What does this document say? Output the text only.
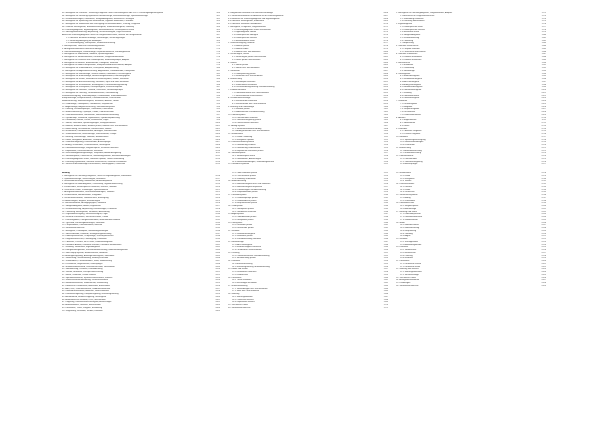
03. Messgerät für Drehzahl - Fahrzeug-Diagnose-Tester und Messgerät VAS 5051 / Fahrzeugdiagnosesystem	960
04. Messgerät für Fahrzeug-Systemtest Neufahrzeuge, Elektrowerkzeuge, Spezialwerkzeuge	961
05. Grundeinstellungen, Kalibrieren, Stellglieddiagnose, Elektrische Prüfungen	962
06. Messgerät für Spannung und Stromstärke, Digitales Multimeter, Prüfkabel	963
07. Messgerät für Widerstand und Durchgang mit Messwertblock, Prüfung, Diagnose	963
08. Zentrale Steuergeräte, Bordnetzsteuergerät, Komfortsteuergerät, Gateway	964
09. Fahrzeugdiagnose, Eigendiagnose, Messwertblöcke, Fehlerspeicher lesen	965
10. Steuergerätecodierung, Anpassung, Sicherheitszugriff, Login-Verfahren	966
Anschluss Fahrzeugdiagnose-Tester an Diagnoseanschluss, Stecker im Fahrgastraum	967
1.1 Übersicht Elektrische Anlage, Relaisträger, Sicherungsträger	968
1.2 Sicherungsbelegung ab Modelljahr	969
1.3 Relaisbelegung, Steckplätze, Farbkennzeichnung	970
2. Massepunkte, Übersicht Verbindungsstellen	972
3. Anzugsdrehmomente Elektrische Anlage	973
4. Steckverbindungen, Kabelstränge, Reparaturhinweise, Kontaktgehäuse	974
5. Messgerät für Widerstand, Isolation, Spannungsabfall	975
6. Messgerät für Stromaufnahme, Ruhestrom, Zangenstrommesser	976
7. Messgerät für Drehzahl und Zündzeitpunkt, Stroboskoplampe, Adapter	977
8. Messgerät für Batterie, Batterietester, Ladegerät, Starthilfe	978
9. Messgerät für Motor-Kompression, Kompressionsdruckschreiber, Adapter	979
10. Messgerät für Kraftstoffdruck, Druckprüfer, Adapterleitung	980
11. Messgerät für Abgasuntersuchung, Abgastester, Lambdasonde, Katalysator	981
12. Messgerät für Klimaanlage, Service-Station, Kältemittel, Lecksuchgerät	982
13. Messgerät für Bremsanlage, Bremsflüssigkeitstester, Entlüftungsgerät	983
14. Messgerät für Reifen, Reifendruck-Kontrollsystem, Ventile, Sensoren	984
15. Messgerät für Achsvermessung, Fahrwerk, Spur und Sturz einstellen	985
16. Messgerät für Scheinwerfer, Einstellgerät, Leuchtweitenregulierung	986
17. Messgerät für Kühlsystem, Kühlerprüfgerät, Frostschutzprüfer	987
18. Messgerät für Getriebe, Ölstand, Ölwechsel, Getriebeölpumpe	988
19. Messgerät für Lenkung, Lenkwinkelsensor, Servolenkung	989
Kraftstoffversorgung, Kraftstoffpumpe, Kraftstofffilter, Kraftstoffbehälter	990
Einspritzanlage, Einspritzventile, Kraftstoffverteiler, Drucksensor	991
Motorsteuerung, Motorsteuergerät, Sensoren, Aktoren, Geber	992
20. Zündanlage, Zündspulen, Zündkerzen, Klopfsensor	993
21. Abgasanlage, Abgasrückführung, Sekundärluftsystem	994
22. Kühlung, Kühlmittelpumpe, Thermostat, Kühlerlüfter	995
23. Motorschmierung, Ölpumpe, Ölfilter, Öldruckschalter	996
24. Zahnriemenantrieb, Steuerkette, Nockenwellenverstellung	997
25. Zylinderkopf, Ventiltrieb, Hydrostößel, Zylinderkopfdichtung	998
26. Kurbeltrieb, Kolben, Pleuel, Kurbelwelle, Lager	999
27. Starter, Generator, Spannungsregler, Keilrippenriemen	1000
28. Batterie, Batterie laden, Batterie prüfen, Batterie aus- und einbauen	1001
29. Beleuchtung, Scheinwerfer, Heckleuchten, Blinker	1002
30. Instrumente, Kombiinstrument, Anzeigen, Warnleuchten	1003
31. Scheibenwischer, Waschanlage, Wischermotor, Pumpe	1004
32. Heizung, Klimaanlage, Gebläse, Bedieneinheit	1005
33. Radio, Navigation, Antennen, Lautsprecher	1006
34. Zentralverriegelung, Fensterheber, Außenspiegel	1007
35. Airbag, Gurtstraffer, Crashsensoren, Steuergerät	1008
36. Diebstahlwarnanlage, Wegfahrsperre, Schlüssel anlernen	1009
37. Einparkhilfe, Rückfahrkamera, Sensoren	1010
38. Geschwindigkeitsregelanlage, Tempomat, Abstandsregelung	1011
39. Stromlaufpläne, Fehlersuche, Verbindungsstellen, Masseverbindungen	1012
40. Fahrzeugdiagnose-Tester, Software-Update, Online-Verbindung	1013
41. Fahrzeug-Systemtest, Geführte Fehlersuche, Geführte Funktionen	1014
42. Service-Intervallanzeige zurücksetzen, Wartungsplan, Ölwechsel	1015
Anhang
1. Messgerät für Fahrzeug-Diagnose, Tester für Eigendiagnose, Kabelsätze	1016
2. Spezialwerkzeuge, Vorrichtungen, Hilfsmittel	1017
3. Werkstattausrüstung, Hebebühne, Aufnahmepunkte	1018
4. Messgerät für Motordiagnose, Oszilloskop, Signalaufzeichnung	1019
5. Fehlercodes, Fehlerspeicher auslesen, löschen, Tabellen	1020
6. Technische Daten, Füllmengen, Spezifikationen	1021
7. Anzugsdrehmomente, Schraubverbindungen, Tabellen	1022
8. Schmierstoffe, Betriebsstoffe, Freigaben	1023
9. Sicherheitshinweise, Umweltschutz, Entsorgung	1024
10. Abkürzungen, Begriffe, Erläuterungen	1025
11. Messwertblöcke, Anzeigegruppen, Sollwerte	1026
12. Stellglieddiagnose, Ablauf, Ergebnisse	1027
13. Grundeinstellung, Anpassung Drosselklappe, Lernwerte	1028
14. Codierung Steuergeräte, Varianten, Ausstattung	1029
15. Zugriffsberechtigung, Sicherheitszugriff, Login	1030
16. Geführte Funktionen, Serviceschlüssel, Online	1031
17. Fahrzeugdaten, Fahrgestellnummer, Motorkennbuchstaben	1032
18. Typschild, Fahrzeugdatenträger, Farbcode	1033
19. Prüfprotokolle, Dokumentation, Berichte	1034
20. Stichwortverzeichnis	1035
21. Messgerät, Prüfadapter, Verbindungsleitungen	1036
22. Steckverbinder, Kontakte, Entriegelungswerkzeug	1037
23. Kabelreparatursatz, Crimpzange, Schrumpfschlauch	1038
24. Diagnoseanschluss, Pinbelegung, Protokolle	1039
25. CAN-Bus, LIN-Bus, MOST-Bus, Datenbusdiagnose	1040
26. Datenbus Antrieb, Datenbus Komfort, Datenbus Infotainment	1041
27. Gateway, Verbauliste, Eigendiagnose	1042
28. Energiemanagement, Ruhestromabschaltung, Batteriemanagement	1043
29. Start-Stopp-System, Batteriesensor, Bordnetz	1044
30. Anhängerkupplung, Anhängersteuergerät, Steckdose	1045
31. Sitzheizung, Sitzverstellung, Memory-Funktion	1046
32. Schiebedach, Panoramadach, Rollo, Initialisierung	1047
33. Lichtsensor, Regensensor, Innenspiegel	1048
34. Multifunktionslenkrad, Lenkstockschalter, Wickelfeder	1049
35. Standheizung, Zuheizer, Fernbedienung	1050
36. Telefon, Bluetooth, Freisprecheinrichtung	1051
37. Notruf, Telematik, Online-Dienste	1052
38. Spurhalteassistent, Spurwechselassistent, Kamera	1053
39. Verkehrszeichenerkennung, Fernlichtassistent	1054
40. Notbremsassistent, Radarsensor, Kalibrierung	1055
41. Elektrische Parkbremse, Auto-Hold, Bremssattel	1056
42. ABS, ESP, Drehratensensor, Raddrehzahlsensor	1057
43. Reifendruckkontrolle, Anlernen, Warnschwellen	1058
44. Fahrwerksregelung, Dämpferregelung, Niveauregulierung	1059
45. Allradantrieb, Haldex-Kupplung, Steuergerät	1060
46. Automatisches Getriebe, DSG, Mechatronik	1061
47. Kupplung, Zweimassenschwungrad, Ausrücklager	1062
48. Antriebswellen, Gelenke, Manschetten	1063
49. Karosserie, Türen, Klappen, Einstellung	1064
50. Verglasung, Scheiben, Kleben, Ersetzen	1065
0.1 Allgemeine Hinweise zur Elektrischen Anlage	1066
0.2 Sicherheitshinweise für Arbeiten an der Fahrzeugelektrik	1067
0.3 Hinweise zur Fahrzeugdiagnose und Eigendiagnose	1068
0.4 Übersicht Steuergeräte, Einbauorte	1069
0.5 Übersicht Sensoren und Aktoren	1070
1. Messgerät, Prüfgeräte, Diagnosetester	1071
1.1 Fahrzeugdiagnose-Tester anschließen	1072
1.2 Eigendiagnose starten	1073
1.3 Fehlerspeicher abfragen	1074
1.4 Fehlerspeicher löschen	1075
1.5 Messwertblock lesen	1076
2. Stromversorgung, Batterie	1077
2.1 Batterie prüfen	1078
2.2 Batterie laden	1079
2.3 Batterie aus- und einbauen	1080
3. Sicherungen, Relais	1081
3.1 Sicherungen prüfen und ersetzen	1082
3.2 Relais prüfen und ersetzen	1083
4. Starter	1084
4.1 Starter prüfen	1085
4.2 Starter aus- und einbauen	1086
5. Generator	1087
5.1 Ladespannung prüfen	1088
5.2 Generator aus- und einbauen	1089
6. Beleuchtung	1090
6.1 Glühlampen ersetzen	1091
6.2 Scheinwerfer einstellen	1092
6.3 Leuchtweitenregulierung Grundeinstellung	1093
7. Kombiinstrument	1094
7.1 Kombiinstrument aus- und einbauen	1095
7.2 Serviceintervall zurücksetzen	1096
8. Scheibenwischanlage	1097
8.1 Wischerarme einstellen	1098
8.2 Wischermotor aus- und einbauen	1099
9. Heizung und Klimaanlage	1100
9.1 Gebläse prüfen	1101
9.2 Bedieneinheit Grundeinstellung	1102
10. Komfortsystem	1103
10.1 Fensterheber anlernen	1104
10.2 Zentralverriegelung prüfen	1105
10.3 Funkschlüssel anlernen	1106
11. Airbag-System	1107
11.1 Sicherheitshinweise Airbag	1108
11.2 Airbag-Einheiten aus- und einbauen	1109
12. Infotainment	1110
12.1 Radio Codierung	1111
12.2 Navigation Update	1112
13. Fahrerassistenzsysteme	1113
13.1 Kalibrierung Kamera	1114
13.2 Kalibrierung Radarsensor	1115
13.3 Einparkhilfe Sensoren prüfen	1116
14. Stromlaufpläne	1117
14.1 Stromlaufplan lesen	1118
14.2 Kabelfarben, Abkürzungen	1119
14.3 Masseverbindungen, Verbindungsstellen	1120
15. Datenbus-Systeme	1121
15.1 CAN-Datenbus prüfen	1122
15.2 LIN-Datenbus prüfen	1123
15.3 Gateway Verbauliste	1124
16. Motorsteuerung	1125
16.1 Motorsteuergerät aus- und einbauen	1126
16.2 Motorsteuergerät anpassen	1127
16.3 Drosselklappe Grundeinstellung	1128
16.4 Gaspedalmodul prüfen	1129
17. Kraftstoffsystem	1130
17.1 Kraftstoffpumpe prüfen	1131
17.2 Kraftstoffdruck prüfen	1132
17.3 Einspritzventile prüfen	1133
18. Zündsystem	1134
18.1 Zündspulen prüfen	1135
18.2 Zündkerzen ersetzen	1136
19. Abgassystem	1137
19.1 Lambdasonde prüfen	1138
19.2 Katalysator prüfen	1139
20. Kühlsystem	1140
20.1 Kühlmittel prüfen	1141
20.2 Kühlerlüfter prüfen	1142
21. Getriebe	1143
21.1 Getriebesteuergerät	1144
21.2 Getriebeöl prüfen	1145
21.3 Grundeinstellung Getriebe	1146
22. Bremsanlage	1147
22.1 ABS-Steuergerät	1148
22.2 Bremsflüssigkeit wechseln	1149
22.3 Parkbremse Servicemodus	1150
23. Lenkung	1151
23.1 Lenkwinkelsensor Grundeinstellung	1152
23.2 Servolenkung prüfen	1153
24. Fahrwerk	1154
24.1 Achsvermessung	1155
24.2 Niveauregulierung Grundeinstellung	1156
25. Räder und Reifen	1157
25.1 Reifendruck anlernen	1158
25.2 Radwechsel	1159
26. Karosserie	1160
26.1 Türen einstellen	1161
26.2 Heckklappe einstellen	1162
27. Innenausstattung	1163
27.1 Verkleidungen aus- und einbauen	1164
27.2 Sitze aus- und einbauen	1165
28. Wartung	1166
28.1 Wartungstabellen	1167
28.2 Ölwechsel-Service	1168
28.3 Inspektions-Service	1169
29. Technische Daten	1170
30. Stichwortverzeichnis	1171
1. Messgerät für Fahrzeugdiagnose, Diagnosetester, Adapter	1172
1.1 Anschluss an Diagnoseanschluss	1173
1.2 Verbindung herstellen	1174
1.3 Fahrzeug identifizieren	1175
2. Eigendiagnose	1176
2.1 Fehlerspeicher lesen	1177
2.2 Fehlerspeicher löschen	1178
2.3 Messwerte lesen	1179
2.4 Stellglieddiagnose	1180
2.5 Grundeinstellung	1181
2.6 Codierung	1182
2.7 Anpassung	1183
3. Geführte Fehlersuche	1184
3.1 Prüfplan erstellen	1185
3.2 Prüfschritte durchführen	1186
4. Geführte Funktionen	1187
4.1 Funktion auswählen	1188
4.2 Funktion ausführen	1189
5. Messtechnik	1190
5.1 Multimeter	1191
5.2 Oszilloskop	1192
5.3 Stromzange	1193
6. Steuergeräte	1194
6.1 Motorsteuergerät	1195
6.2 Getriebesteuergerät	1196
6.3 ABS-Steuergerät	1197
6.4 Airbag-Steuergerät	1198
6.5 Bordnetzsteuergerät	1199
6.6 Komfortsteuergerät	1200
6.7 Gateway	1201
6.8 Kombiinstrument	1202
6.9 Klimasteuergerät	1203
7. Sensoren	1204
7.1 Drehzahlgeber	1205
7.2 Hallgeber	1206
7.3 Temperaturgeber	1207
7.4 Drucksensor	1208
7.5 Luftmassenmesser	1209
8. Aktoren	1210
8.1 Magnetventile	1211
8.2 Stellmotoren	1212
8.3 Relais	1213
9. Datenbus	1214
9.1 CAN-Bus Diagnose	1215
9.2 LIN-Bus Diagnose	1216
10. Bordnetz	1217
10.1 Spannungsversorgung	1218
10.2 Masseverbindungen	1219
10.3 Ruhestrom	1220
11. Beleuchtung	1221
11.1 Außenbeleuchtung	1222
11.2 Innenbeleuchtung	1223
12. Komfortelektrik	1224
12.1 Fensterheber	1225
12.2 Zentralverriegelung	1226
12.3 Außenspiegel	1227
13. Infotainment	1228
13.1 Radio	1229
13.2 Navigation	1230
13.3 Telefon	1231
14. Fahrerassistenz	1232
14.1 Kamera	1233
14.2 Radar	1234
14.3 Ultraschall	1235
15. Sicherheitssysteme	1236
15.1 Airbag	1237
15.2 Gurtstraffer	1238
16. Diebstahlschutz	1239
16.1 Wegfahrsperre	1240
16.2 Alarmanlage	1241
17. Heizung und Klima	1242
17.1 Klimakompressor	1243
17.2 Kältemittelkreislauf	1244
17.3 Gebläsemotor	1245
18. Motor	1246
18.1 Motormechanik	1247
18.2 Motorsteuerung	1248
18.3 Einspritzung	1249
18.4 Zündung	1250
18.5 Abgas	1251
19. Getriebe	1252
19.1 Schaltgetriebe	1253
19.2 Automatikgetriebe	1254
20. Fahrwerk	1255
20.1 Vorderachse	1256
20.2 Hinterachse	1257
20.3 Lenkung	1258
20.4 Bremsen	1259
21. Karosserie	1260
21.1 Karosserie außen	1261
21.2 Karosserie innen	1262
22. Wartung und Service	1263
22.1 Wartungsintervalle	1264
22.2 Serviceanzeige	1265
23. Technische Daten	1266
24. Anzugsdrehmomente	1267
25. Füllmengen	1268
26. Stichwortverzeichnis	1269
